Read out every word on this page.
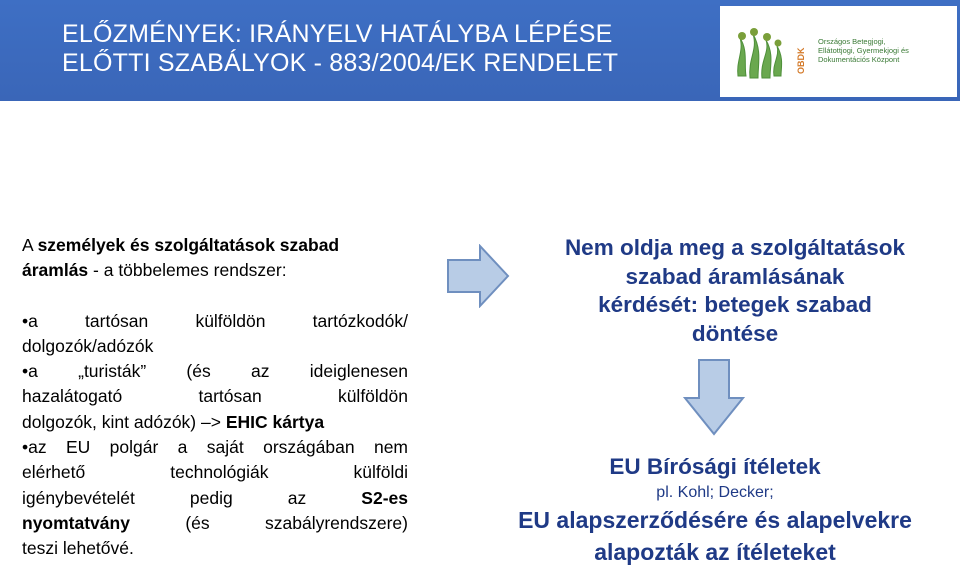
ELŐZMÉNYEK: IRÁNYELV HATÁLYBA LÉPÉSE
ELŐTTI SZABÁLYOK - 883/2004/EK RENDELET	OBDK
Országos Betegjogi,
Ellátottjogi, Gyermekjogi és
Dokumentációs Központ

A személyek és szolgáltatások szabad áramlás - a többelemes rendszer:

•a tartósan külföldön tartózkodók/

dolgozók/adózók

•a „turisták” (és az ideiglenesen

hazalátogató tartósan külföldön

dolgozók, kint adózók) –> EHIC kártya

•az EU polgár a saját országában nem

elérhető technológiák külföldi

igénybevételét pedig az S2-es

nyomtatvány (és szabályrendszere)

teszi lehetővé.

Nem oldja meg a szolgáltatások
szabad áramlásának
kérdését: betegek szabad
döntése
EU Bírósági ítéletek
pl. Kohl; Decker;
EU alapszerződésére és alapelvekre
alapozták az ítéleteket
